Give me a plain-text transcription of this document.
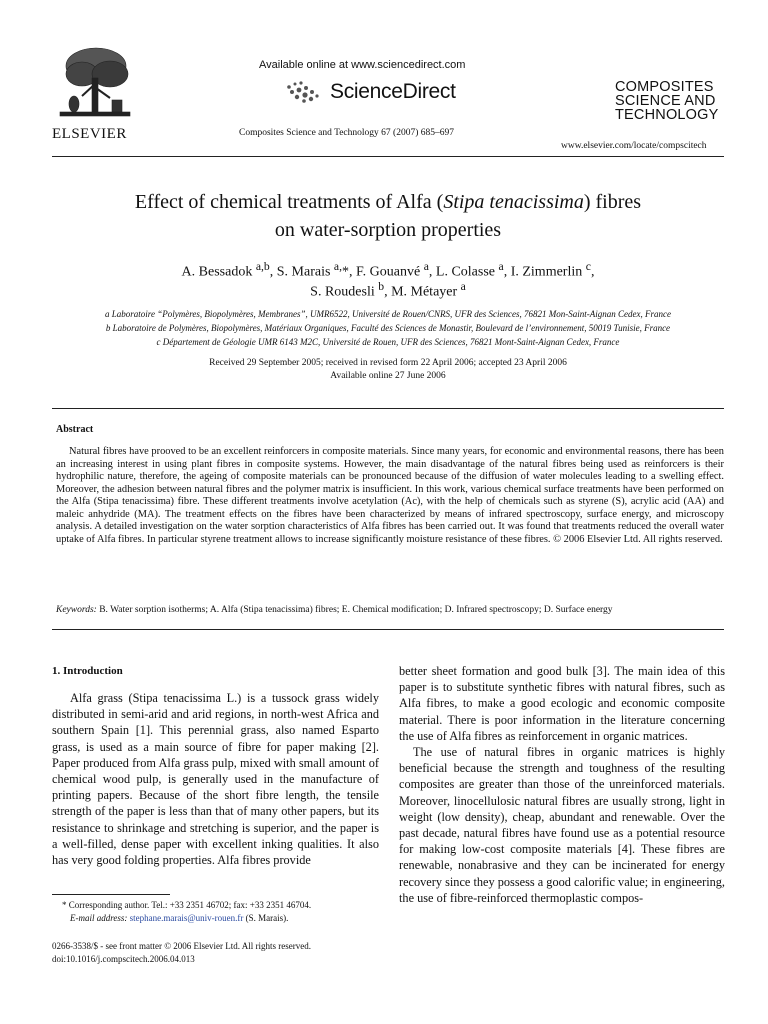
ELSEVIER
Available online at www.sciencedirect.com
ScienceDirect
Composites Science and Technology 67 (2007) 685–697
COMPOSITES
SCIENCE AND
TECHNOLOGY
www.elsevier.com/locate/compscitech
Effect of chemical treatments of Alfa (Stipa tenacissima) fibres
on water-sorption properties
A. Bessadok $^{a,b}$, S. Marais $^{a,}$*, F. Gouanvé $^a$, L. Colasse $^a$, I. Zimmerlin $^c$,
S. Roudesli $^b$, M. Métayer $^a$
a Laboratoire “Polymères, Biopolymères, Membranes”, UMR6522, Université de Rouen/CNRS, UFR des Sciences, 76821 Mon-Saint-Aignan Cedex, France
b Laboratoire de Polymères, Biopolymères, Matériaux Organiques, Faculté des Sciences de Monastir, Boulevard de l’environnement, 50019 Tunisie, France
c Département de Géologie UMR 6143 M2C, Université de Rouen, UFR des Sciences, 76821 Mont-Saint-Aignan Cedex, France
Received 29 September 2005; received in revised form 22 April 2006; accepted 23 April 2006
Available online 27 June 2006
Abstract
Natural fibres have prooved to be an excellent reinforcers in composite materials. Since many years, for economic and environmental reasons, there has been an increasing interest in using plant fibres in composite systems. However, the main disadvantage of the natural fibres being used as reinforcers is their hydrophilic nature, therefore, the ageing of composite materials can be pronounced because of the diffusion of water molecules leading to a swelling effect. Moreover, the adhesion between natural fibres and the polymer matrix is insufficient. In this work, various chemical surface treatments have been performed on the Alfa (Stipa tenacissima) fibre. These different treatments involve acetylation (Ac), with the help of chemicals such as styrene (S), acrylic acid (AA) and maleic anhydride (MA). The treatment effects on the fibres have been characterized by means of infrared spectroscopy, surface energy, and microscopy analysis. A detailed investigation on the water sorption characteristics of Alfa fibres has been carried out. It was found that treatments reduced the overall water uptake of Alfa fibres. In particular styrene treatment allows to increase significantly moisture resistance of these fibres. © 2006 Elsevier Ltd. All rights reserved.
Keywords: B. Water sorption isotherms; A. Alfa (Stipa tenacissima) fibres; E. Chemical modification; D. Infrared spectroscopy; D. Surface energy
1. Introduction
Alfa grass (Stipa tenacissima L.) is a tussock grass widely distributed in semi-arid and arid regions, in north-west Africa and southern Spain [1]. This perennial grass, also named Esparto grass, is used as a main source of fibre for paper making [2]. Paper produced from Alfa grass pulp, mixed with small amount of chemical wood pulp, is generally used in the manufacture of printing papers. Because of the short fibre length, the tensile strength of the paper is less than that of many other papers, but its resistance to shrinkage and stretching is superior, and the paper is a well-filled, dense paper with excellent inking qualities. It also has very good folding properties. Alfa fibres provide

better sheet formation and good bulk [3]. The main idea of this paper is to substitute synthetic fibres with natural fibres, such as Alfa fibres, to make a good ecologic and economic composite material. There is poor information in the literature concerning the use of Alfa fibres as reinforcement in organic matrices.

The use of natural fibres in organic matrices is highly beneficial because the strength and toughness of the resulting composites are greater than those of the unreinforced materials. Moreover, linocellulosic natural fibres are usually strong, light in weight (low density), cheap, abundant and renewable. Over the past decade, natural fibres have found use as a potential resource for making low-cost composite materials [4]. These fibres are renewable, nonabrasive and they can be incinerated for energy recovery since they possess a good calorific value; in engineering, the use of fibre-reinforced thermoplastic compos-

* Corresponding author. Tel.: +33 2351 46702; fax: +33 2351 46704.
E-mail address: stephane.marais@univ-rouen.fr (S. Marais).
0266-3538/$ - see front matter © 2006 Elsevier Ltd. All rights reserved.
doi:10.1016/j.compscitech.2006.04.013
